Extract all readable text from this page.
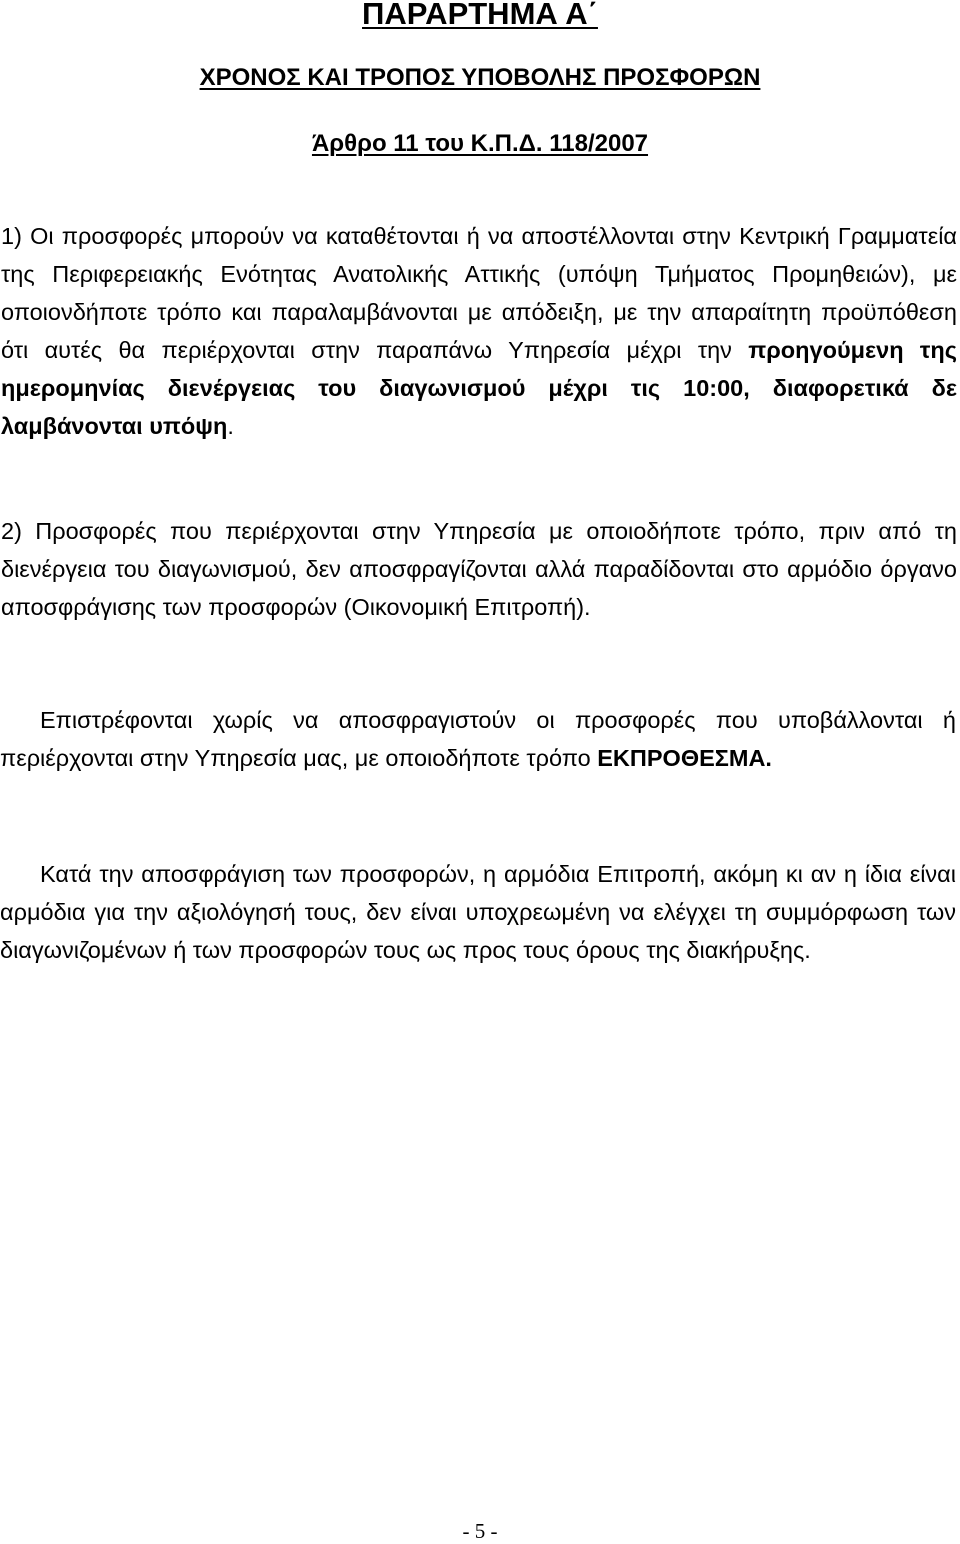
ΠΑΡΑΡΤΗΜΑ Α΄
ΧΡΟΝΟΣ ΚΑΙ ΤΡΟΠΟΣ ΥΠΟΒΟΛΗΣ ΠΡΟΣΦΟΡΩΝ
Άρθρο 11 του Κ.Π.Δ. 118/2007

1) Οι προσφορές μπορούν να καταθέτονται ή να αποστέλλονται στην Κεντρική Γραμματεία της Περιφερειακής Ενότητας Ανατολικής Αττικής (υπόψη Τμήματος Προμηθειών), με οποιονδήποτε τρόπο και παραλαμβάνονται με απόδειξη, με την απαραίτητη προϋπόθεση ότι αυτές θα περιέρχονται στην παραπάνω Υπηρεσία μέχρι την προηγούμενη της ημερομηνίας διενέργειας του διαγωνισμού μέχρι τις 10:00, διαφορετικά δε λαμβάνονται υπόψη.

2) Προσφορές που περιέρχονται στην Υπηρεσία με οποιοδήποτε τρόπο, πριν από τη διενέργεια του διαγωνισμού, δεν αποσφραγίζονται αλλά παραδίδονται στο αρμόδιο όργανο αποσφράγισης των προσφορών (Οικονομική Επιτροπή).

Επιστρέφονται χωρίς να αποσφραγιστούν οι προσφορές που υποβάλλονται ή περιέρχονται στην Υπηρεσία μας, με οποιοδήποτε τρόπο ΕΚΠΡΟΘΕΣΜΑ.

Κατά την αποσφράγιση των προσφορών, η αρμόδια Επιτροπή, ακόμη κι αν η ίδια είναι αρμόδια για την αξιολόγησή τους, δεν είναι υποχρεωμένη να ελέγχει τη συμμόρφωση των διαγωνιζομένων ή των προσφορών τους ως προς τους όρους της διακήρυξης.

- 5 -
